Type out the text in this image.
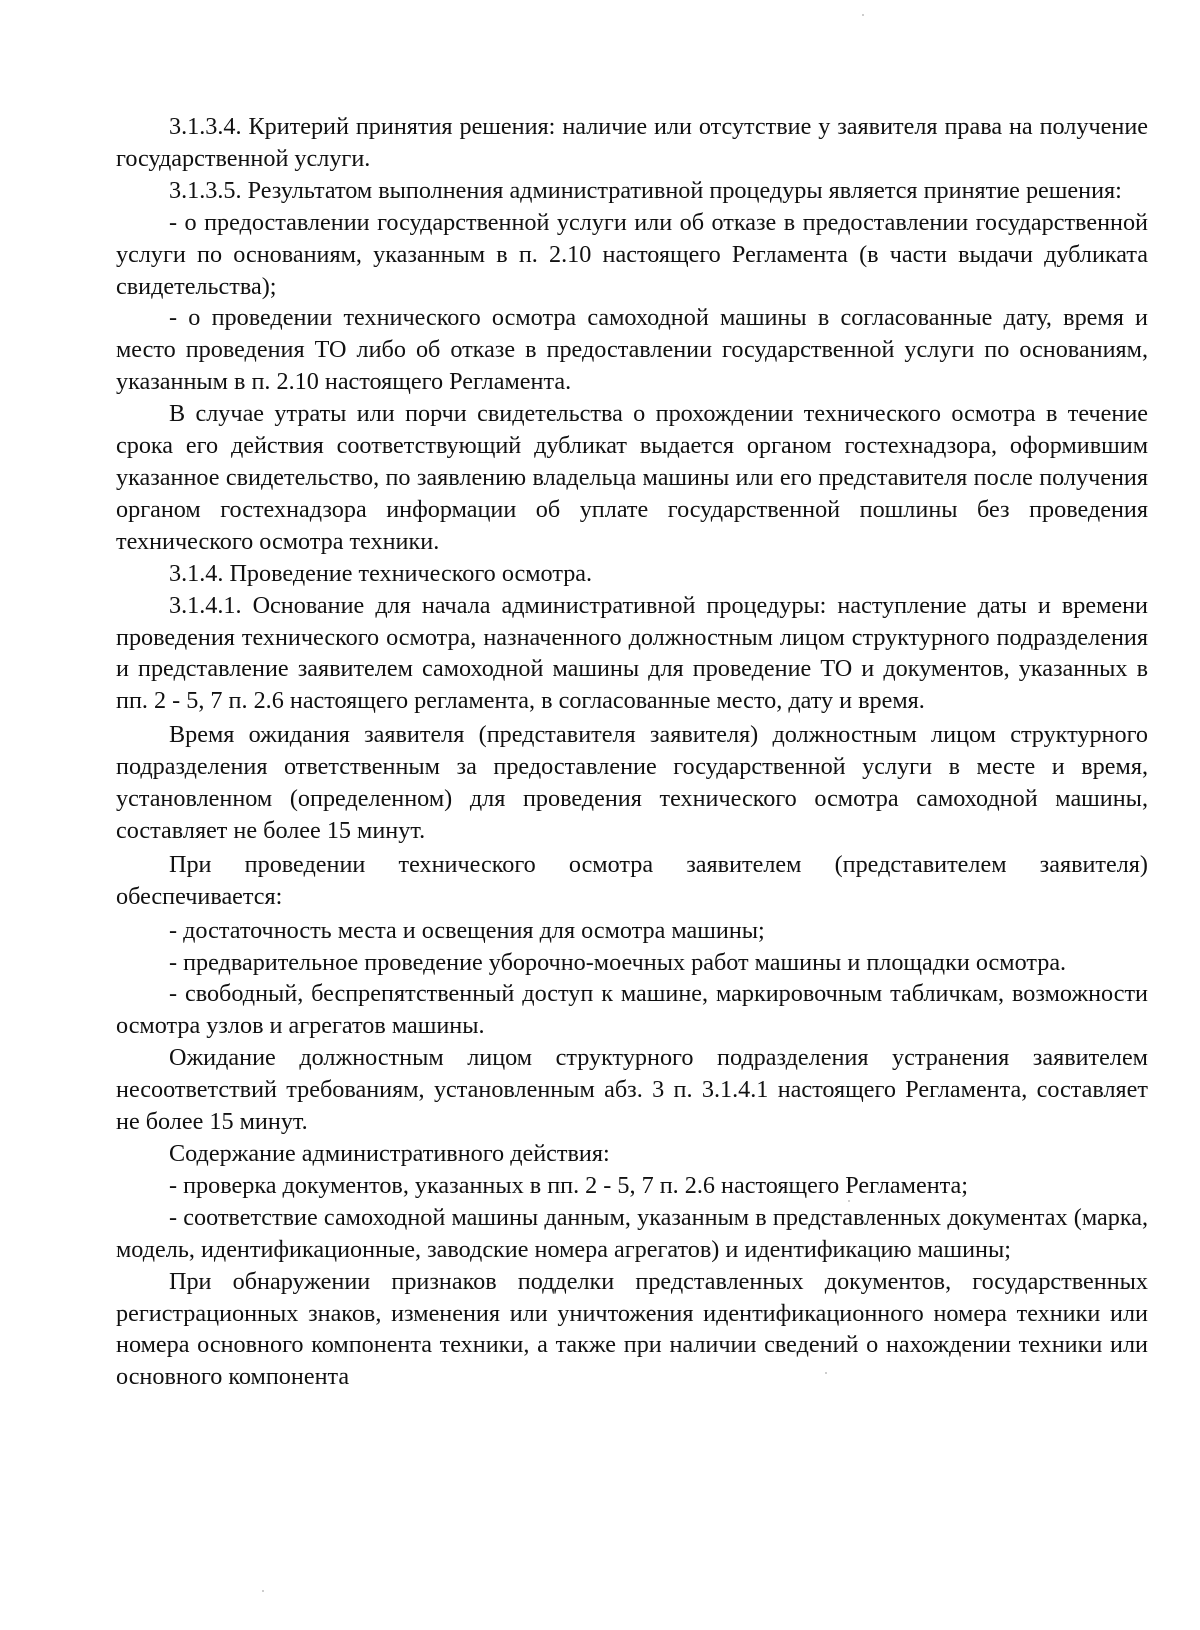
3.1.3.4. Критерий принятия решения: наличие или отсутствие у заявителя права на получение государственной услуги.

3.1.3.5. Результатом выполнения административной процедуры является принятие решения:

- о предоставлении государственной услуги или об отказе в предоставлении государственной услуги по основаниям, указанным в п. 2.10 настоящего Регламента (в части выдачи дубликата свидетельства);

- о проведении технического осмотра самоходной машины в согласованные дату, время и место проведения ТО либо об отказе в предоставлении государственной услуги по основаниям, указанным в п. 2.10 настоящего Регламента.

В случае утраты или порчи свидетельства о прохождении технического осмотра в течение срока его действия соответствующий дубликат выдается органом гостехнадзора, оформившим указанное свидетельство, по заявлению владельца машины или его представителя после получения органом гостехнадзора информации об уплате государственной пошлины без проведения технического осмотра техники.

3.1.4. Проведение технического осмотра.

3.1.4.1. Основание для начала административной процедуры: наступление даты и времени проведения технического осмотра, назначенного должностным лицом структурного подразделения и представление заявителем самоходной машины для проведение ТО и документов, указанных в пп. 2 - 5, 7 п. 2.6 настоящего регламента, в согласованные место, дату и время.

Время ожидания заявителя (представителя заявителя) должностным лицом структурного подразделения ответственным за предоставление государственной услуги в месте и время, установленном (определенном) для проведения технического осмотра самоходной машины, составляет не более 15 минут.

При проведении технического осмотра заявителем (представителем заявителя) обеспечивается:

- достаточность места и освещения для осмотра машины;

- предварительное проведение уборочно-моечных работ машины и площадки осмотра.

- свободный, беспрепятственный доступ к машине, маркировочным табличкам, возможности осмотра узлов и агрегатов машины.

Ожидание должностным лицом структурного подразделения устранения заявителем несоответствий требованиям, установленным абз. 3 п. 3.1.4.1 настоящего Регламента, составляет не более 15 минут.

Содержание административного действия:

- проверка документов, указанных в пп. 2 - 5, 7 п. 2.6 настоящего Регламента;

- соответствие самоходной машины данным, указанным в представленных документах (марка, модель, идентификационные, заводские номера агрегатов) и идентификацию машины;

При обнаружении признаков подделки представленных документов, государственных регистрационных знаков, изменения или уничтожения идентификационного номера техники или номера основного компонента техники, а также при наличии сведений о нахождении техники или основного компонента
